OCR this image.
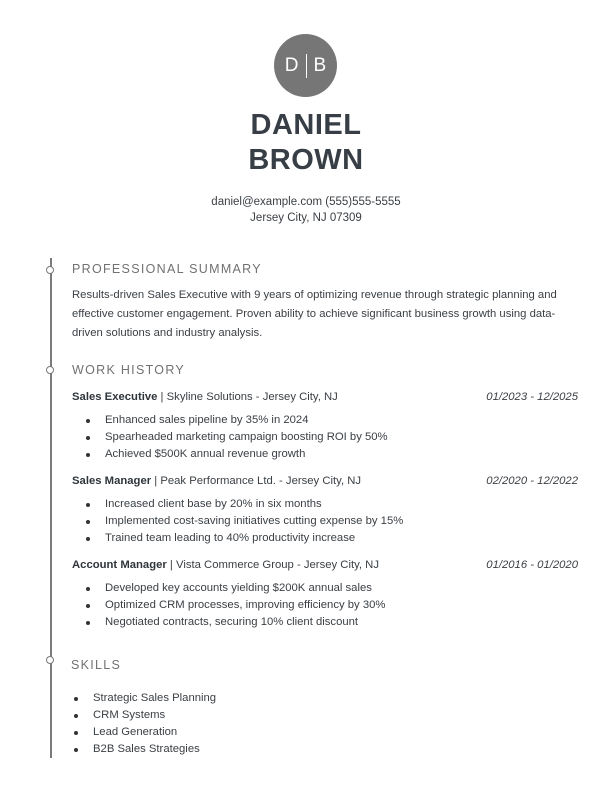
D B
DANIEL
BROWN
daniel@example.com (555)555-5555
Jersey City, NJ 07309
PROFESSIONAL SUMMARY
Results-driven Sales Executive with 9 years of optimizing revenue through strategic planning and effective customer engagement. Proven ability to achieve significant business growth using data-driven solutions and industry analysis.
WORK HISTORY
Sales Executive | Skyline Solutions - Jersey City, NJ	01/2023 - 12/2025
Enhanced sales pipeline by 35% in 2024
Spearheaded marketing campaign boosting ROI by 50%
Achieved $500K annual revenue growth
Sales Manager | Peak Performance Ltd. - Jersey City, NJ	02/2020 - 12/2022
Increased client base by 20% in six months
Implemented cost-saving initiatives cutting expense by 15%
Trained team leading to 40% productivity increase
Account Manager | Vista Commerce Group - Jersey City, NJ	01/2016 - 01/2020
Developed key accounts yielding $200K annual sales
Optimized CRM processes, improving efficiency by 30%
Negotiated contracts, securing 10% client discount
SKILLS
Strategic Sales Planning
CRM Systems
Lead Generation
B2B Sales Strategies
